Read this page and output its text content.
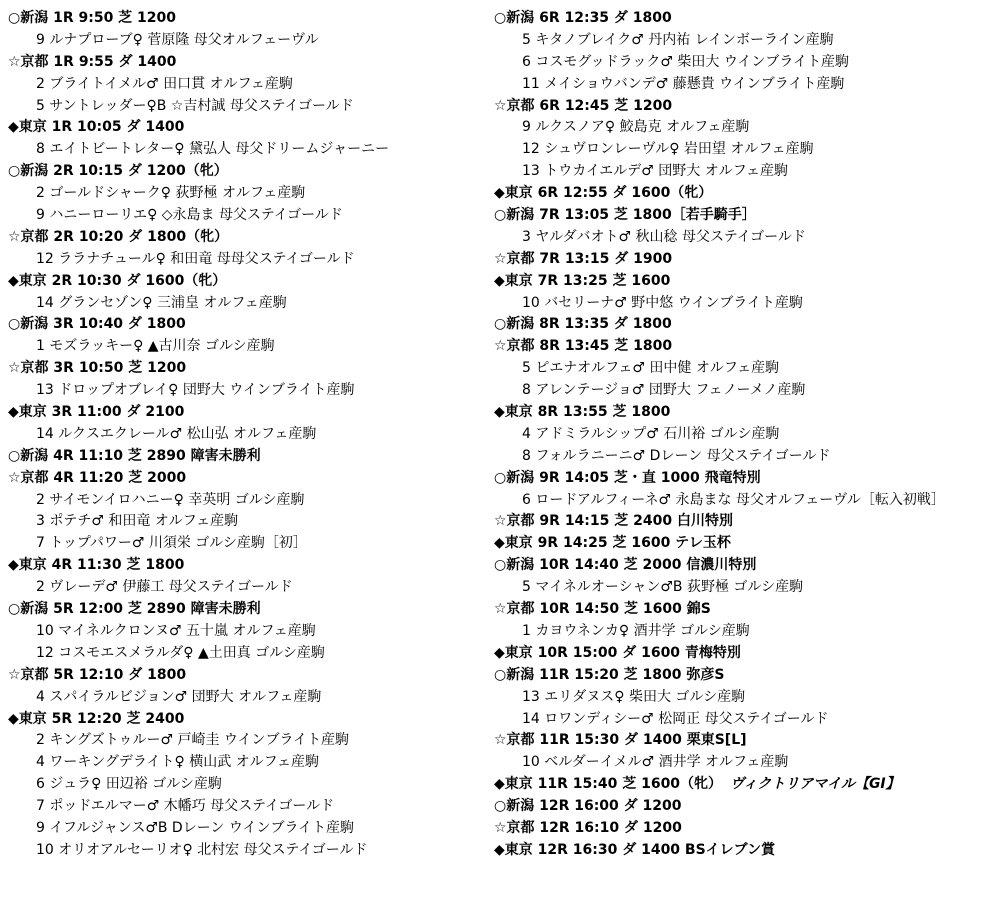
○新潟 1R 9:50 芝 1200
9 ルナプローブ♀ 菅原隆 母父オルフェーヴル
☆京都 1R 9:55 ダ 1400
2 ブライトイメル♂ 田口貫 オルフェ産駒
5 サントレッダー♀B ☆吉村誠 母父ステイゴールド
◆東京 1R 10:05 ダ 1400
8 エイトビートレター♀ 黛弘人 母父ドリームジャーニー
○新潟 2R 10:15 ダ 1200（牝）
2 ゴールドシャーク♀ 荻野極 オルフェ産駒
9 ハニーローリエ♀ ◇永島ま 母父ステイゴールド
☆京都 2R 10:20 ダ 1800（牝）
12 ララナチュール♀ 和田竜 母母父ステイゴールド
◆東京 2R 10:30 ダ 1600（牝）
14 グランセゾン♀ 三浦皇 オルフェ産駒
○新潟 3R 10:40 ダ 1800
1 モズラッキー♀ ▲古川奈 ゴルシ産駒
☆京都 3R 10:50 芝 1200
13 ドロップオブレイ♀ 団野大 ウインブライト産駒
◆東京 3R 11:00 ダ 2100
14 ルクスエクレール♂ 松山弘 オルフェ産駒
○新潟 4R 11:10 芝 2890 障害未勝利
☆京都 4R 11:20 芝 2000
2 サイモンイロハニー♀ 幸英明 ゴルシ産駒
3 ポテチ♂ 和田竜 オルフェ産駒
7 トップパワー♂ 川須栄 ゴルシ産駒［初］
◆東京 4R 11:30 芝 1800
2 ヴレーデ♂ 伊藤工 母父ステイゴールド
○新潟 5R 12:00 芝 2890 障害未勝利
10 マイネルクロンヌ♂ 五十嵐 オルフェ産駒
12 コスモエスメラルダ♀ ▲土田真 ゴルシ産駒
☆京都 5R 12:10 ダ 1800
4 スパイラルビジョン♂ 団野大 オルフェ産駒
◆東京 5R 12:20 芝 2400
2 キングズトゥルー♂ 戸崎圭 ウインブライト産駒
4 ワーキングデライト♀ 横山武 オルフェ産駒
6 ジュラ♀ 田辺裕 ゴルシ産駒
7 ポッドエルマー♂ 木幡巧 母父ステイゴールド
9 イフルジャンス♂B Dレーン ウインブライト産駒
10 オリオアルセーリオ♀ 北村宏 母父ステイゴールド
○新潟 6R 12:35 ダ 1800
5 キタノブレイク♂ 丹内祐 レインボーライン産駒
6 コスモグッドラック♂ 柴田大 ウインブライト産駒
11 メイショウバンデ♂ 藤懸貴 ウインブライト産駒
☆京都 6R 12:45 芝 1200
9 ルクスノア♀ 鮫島克 オルフェ産駒
12 シュヴロンレーヴル♀ 岩田望 オルフェ産駒
13 トウカイエルデ♂ 団野大 オルフェ産駒
◆東京 6R 12:55 ダ 1600（牝）
○新潟 7R 13:05 芝 1800［若手騎手］
3 ヤルダバオト♂ 秋山稔 母父ステイゴールド
☆京都 7R 13:15 ダ 1900
◆東京 7R 13:25 芝 1600
10 バセリーナ♂ 野中悠 ウインブライト産駒
○新潟 8R 13:35 ダ 1800
☆京都 8R 13:45 芝 1800
5 ピエナオルフェ♂ 田中健 オルフェ産駒
8 アレンテージョ♂ 団野大 フェノーメノ産駒
◆東京 8R 13:55 芝 1800
4 アドミラルシップ♂ 石川裕 ゴルシ産駒
8 フォルラニーニ♂ Dレーン 母父ステイゴールド
○新潟 9R 14:05 芝・直 1000 飛竜特別
6 ロードアルフィーネ♂ 永島まな 母父オルフェーヴル［転入初戦］
☆京都 9R 14:15 芝 2400 白川特別
◆東京 9R 14:25 芝 1600 テレ玉杯
○新潟 10R 14:40 芝 2000 信濃川特別
5 マイネルオーシャン♂B 荻野極 ゴルシ産駒
☆京都 10R 14:50 芝 1600 錦S
1 カヨウネンカ♀ 酒井学 ゴルシ産駒
◆東京 10R 15:00 ダ 1600 青梅特別
○新潟 11R 15:20 芝 1800 弥彦S
13 エリダヌス♀ 柴田大 ゴルシ産駒
14 ロワンディシー♂ 松岡正 母父ステイゴールド
☆京都 11R 15:30 ダ 1400 栗東S[L]
10 ベルダーイメル♂ 酒井学 オルフェ産駒
◆東京 11R 15:40 芝 1600（牝） ヴィクトリアマイル【GⅠ】
○新潟 12R 16:00 ダ 1200
☆京都 12R 16:10 ダ 1200
◆東京 12R 16:30 ダ 1400 BSイレブン賞
